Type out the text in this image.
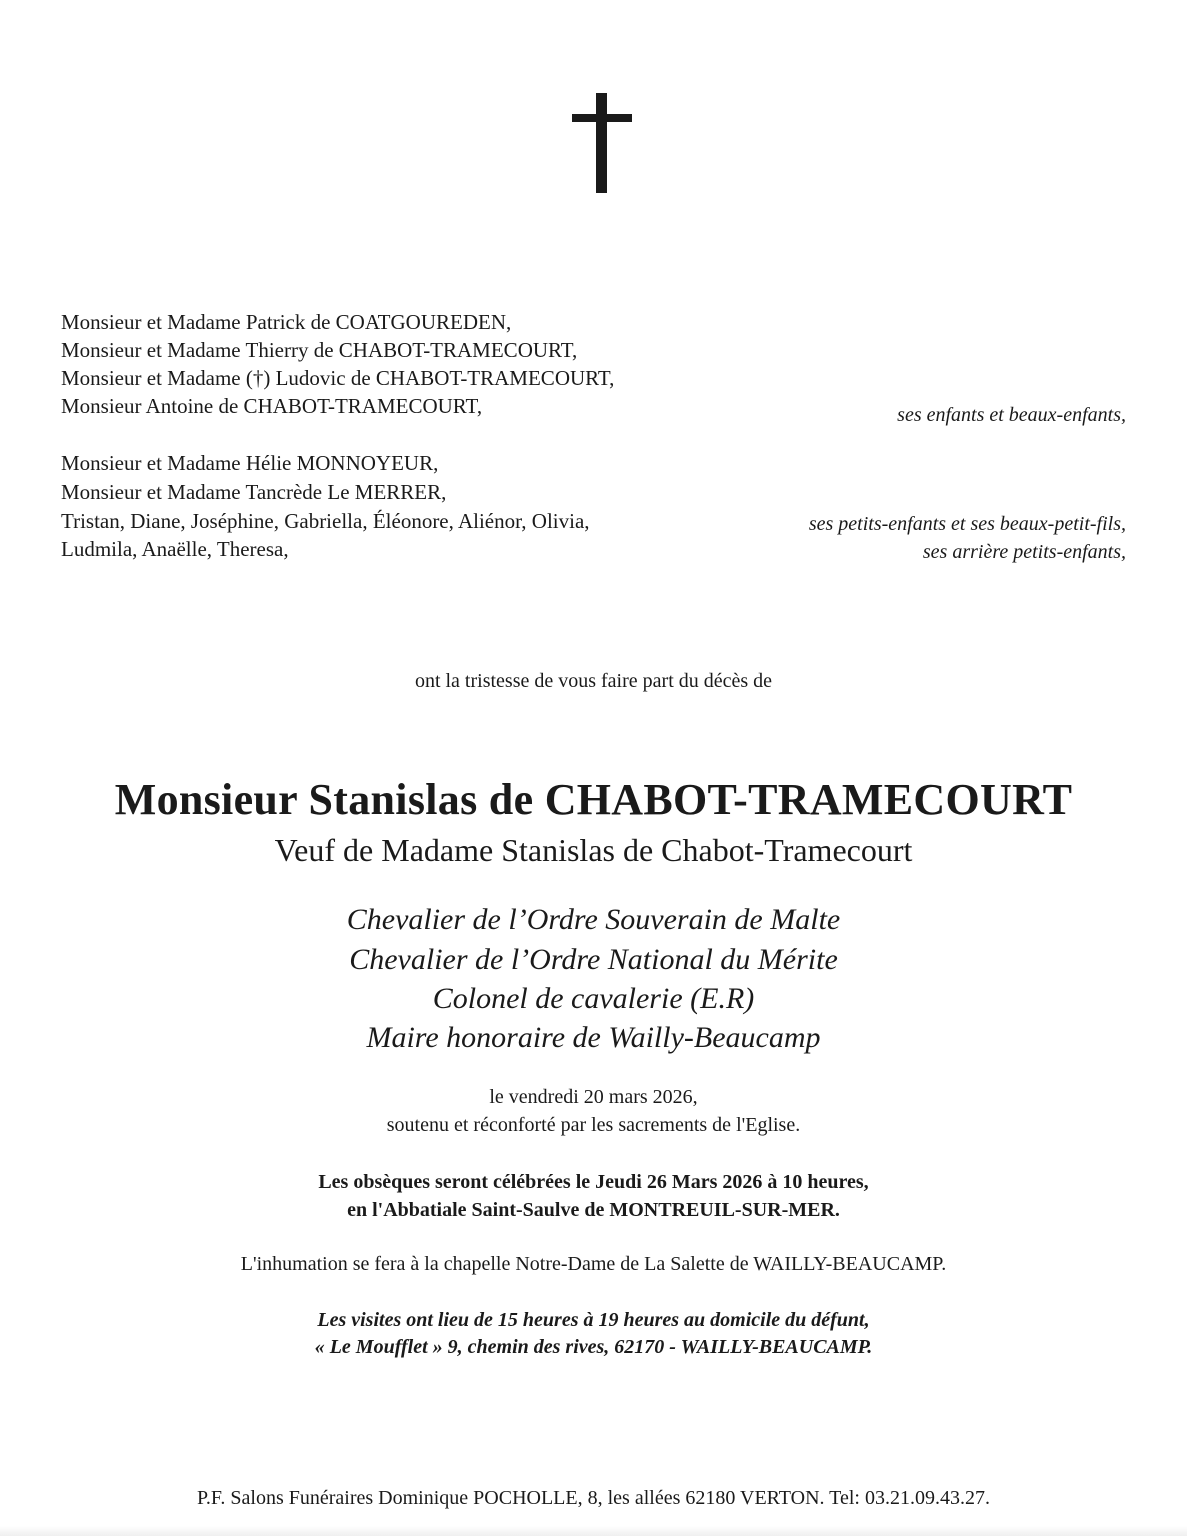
Monsieur et Madame Patrick de COATGOUREDEN,
Monsieur et Madame Thierry de CHABOT-TRAMECOURT,
Monsieur et Madame (†) Ludovic de CHABOT-TRAMECOURT,
Monsieur Antoine de CHABOT-TRAMECOURT,	ses enfants et beaux-enfants,
Monsieur et Madame Hélie MONNOYEUR,
Monsieur et Madame Tancrède Le MERRER,
Tristan, Diane, Joséphine, Gabriella, Éléonore, Aliénor, Olivia,
Ludmila, Anaëlle, Theresa,
ses petits-enfants et ses beaux-petit-fils,
ses arrière petits-enfants,
ont la tristesse de vous faire part du décès de
Monsieur Stanislas de CHABOT-TRAMECOURT
Veuf de Madame Stanislas de Chabot-Tramecourt
Chevalier de l’Ordre Souverain de Malte
Chevalier de l’Ordre National du Mérite
Colonel de cavalerie (E.R)
Maire honoraire de Wailly-Beaucamp
le vendredi 20 mars 2026,
soutenu et réconforté par les sacrements de l'Eglise.
Les obsèques seront célébrées le Jeudi 26 Mars 2026 à 10 heures,
en l'Abbatiale Saint-Saulve de MONTREUIL-SUR-MER.
L'inhumation se fera à la chapelle Notre-Dame de La Salette de WAILLY-BEAUCAMP.
Les visites ont lieu de 15 heures à 19 heures au domicile du défunt,
« Le Moufflet » 9, chemin des rives, 62170 - WAILLY-BEAUCAMP.
P.F. Salons Funéraires Dominique POCHOLLE, 8, les allées 62180 VERTON. Tel: 03.21.09.43.27.
